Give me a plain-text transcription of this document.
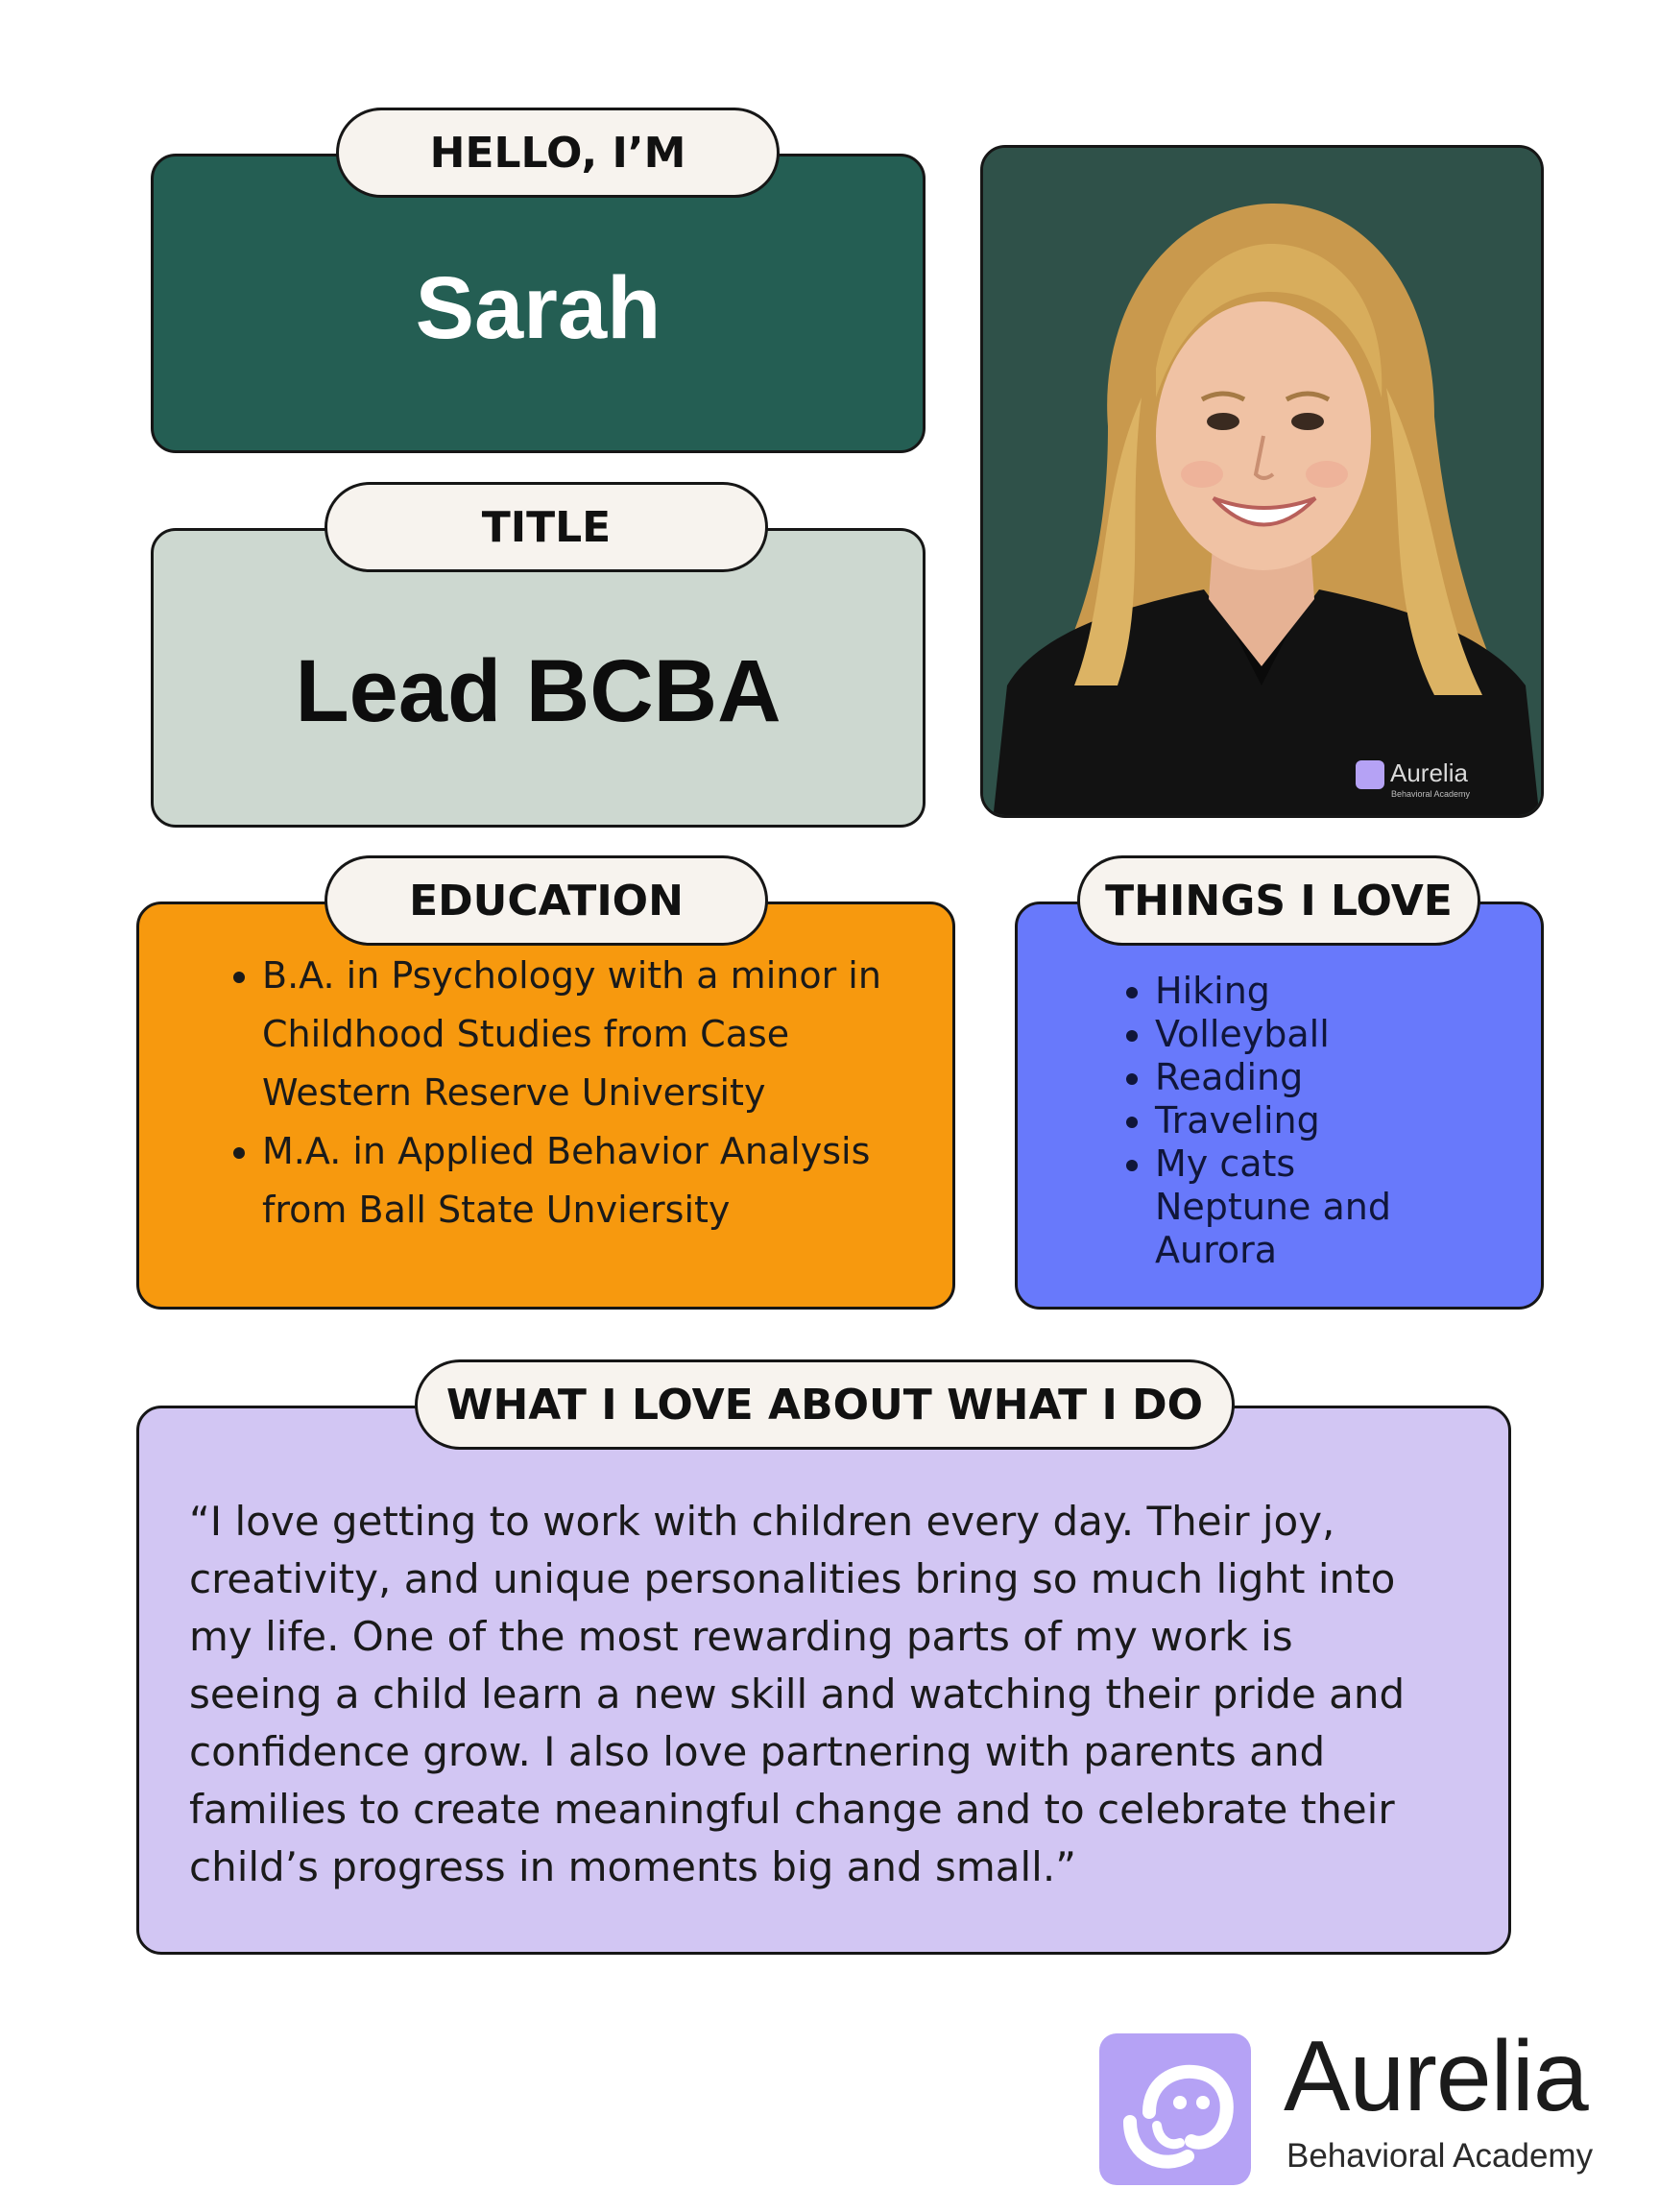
Sarah
HELLO, I’M
Lead BCBA
TITLE
Aurelia
Behavioral Academy
• B.A. in Psychology with a minor in
Childhood Studies from Case
Western Reserve University
• M.A. in Applied Behavior Analysis
from Ball State Unviersity
EDUCATION
• Hiking
• Volleyball
• Reading
• Traveling
• My cats
Neptune and
Aurora
THINGS I LOVE

“I love getting to work with children every day. Their joy,
creativity, and unique personalities bring so much light into
my life. One of the most rewarding parts of my work is
seeing a child learn a new skill and watching their pride and
confidence grow. I also love partnering with parents and
families to create meaningful change and to celebrate their
child’s progress in moments big and small.”

WHAT I LOVE ABOUT WHAT I DO
Aurelia
Behavioral Academy
